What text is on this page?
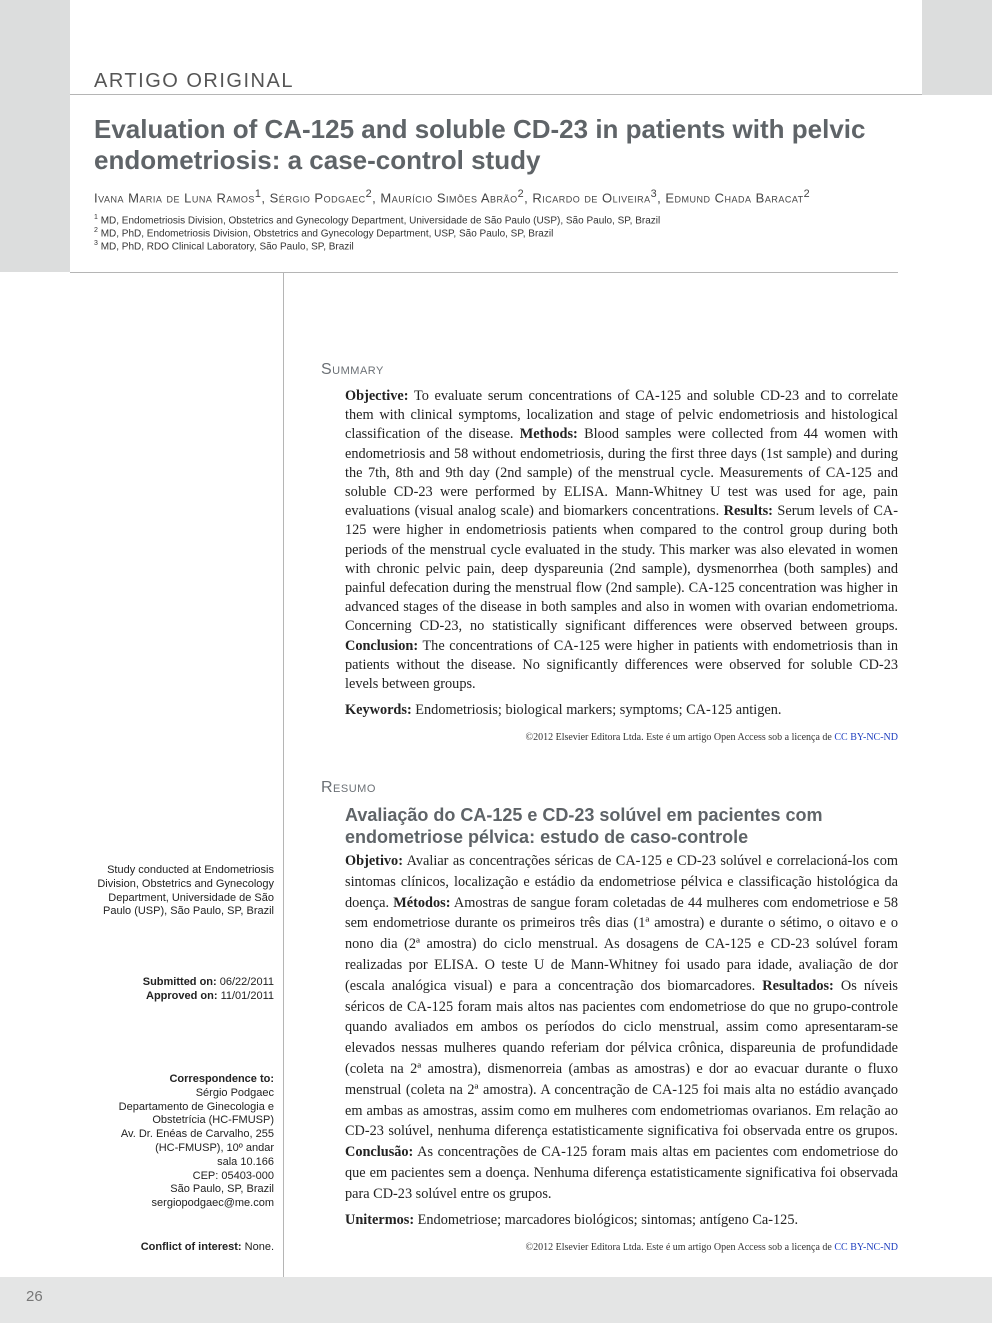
ARTIGO ORIGINAL
Evaluation of CA-125 and soluble CD-23 in patients with pelvic endometriosis: a case-control study
Ivana Maria de Luna Ramos$^1$, Sérgio Podgaec$^2$, Maurício Simões Abrão$^2$, Ricardo de Oliveira$^3$, Edmund Chada Baracat$^2$
$^1$ MD, Endometriosis Division, Obstetrics and Gynecology Department, Universidade de São Paulo (USP), São Paulo, SP, Brazil
$^2$ MD, PhD, Endometriosis Division, Obstetrics and Gynecology Department, USP, São Paulo, SP, Brazil
$^3$ MD, PhD, RDO Clinical Laboratory, São Paulo, SP, Brazil
Summary
Objective: To evaluate serum concentrations of CA-125 and soluble CD-23 and to correlate them with clinical symptoms, localization and stage of pelvic endometriosis and histological classification of the disease. Methods: Blood samples were collected from 44 women with endometriosis and 58 without endometriosis, during the first three days (1st sample) and during the 7th, 8th and 9th day (2nd sample) of the menstrual cycle. Measurements of CA-125 and soluble CD-23 were performed by ELISA. Mann-Whitney U test was used for age, pain evaluations (visual analog scale) and biomarkers concentrations. Results: Serum levels of CA-125 were higher in endometriosis patients when compared to the control group during both periods of the menstrual cycle evaluated in the study. This marker was also elevated in women with chronic pelvic pain, deep dyspareunia (2nd sample), dysmenorrhea (both samples) and painful defecation during the menstrual flow (2nd sample). CA-125 concentration was higher in advanced stages of the disease in both samples and also in women with ovarian endometrioma. Concerning CD-23, no statistically significant differences were observed between groups. Conclusion: The concentrations of CA-125 were higher in patients with endometriosis than in patients without the disease. No significantly differences were observed for soluble CD-23 levels between groups.
Keywords: Endometriosis; biological markers; symptoms; CA-125 antigen.
©2012 Elsevier Editora Ltda. Este é um artigo Open Access sob a licença de CC BY-NC-ND
Resumo
Avaliação do CA-125 e CD-23 solúvel em pacientes com endometriose pélvica: estudo de caso-controle
Objetivo: Avaliar as concentrações séricas de CA-125 e CD-23 solúvel e correlacioná-los com sintomas clínicos, localização e estádio da endometriose pélvica e classificação histológica da doença. Métodos: Amostras de sangue foram coletadas de 44 mulheres com endometriose e 58 sem endometriose durante os primeiros três dias (1ª amostra) e durante o sétimo, o oitavo e o nono dia (2ª amostra) do ciclo menstrual. As dosagens de CA-125 e CD-23 solúvel foram realizadas por ELISA. O teste U de Mann-Whitney foi usado para idade, avaliação de dor (escala analógica visual) e para a concentração dos biomarcadores. Resultados: Os níveis séricos de CA-125 foram mais altos nas pacientes com endometriose do que no grupo-controle quando avaliados em ambos os períodos do ciclo menstrual, assim como apresentaram-se elevados nessas mulheres quando referiam dor pélvica crônica, dispareunia de profundidade (coleta na 2ª amostra), dismenorreia (ambas as amostras) e dor ao evacuar durante o fluxo menstrual (coleta na 2ª amostra). A concentração de CA-125 foi mais alta no estádio avançado em ambas as amostras, assim como em mulheres com endometriomas ovarianos. Em relação ao CD-23 solúvel, nenhuma diferença estatisticamente significativa foi observada entre os grupos. Conclusão: As concentrações de CA-125 foram mais altas em pacientes com endometriose do que em pacientes sem a doença. Nenhuma diferença estatisticamente significativa foi observada para CD-23 solúvel entre os grupos.
Unitermos: Endometriose; marcadores biológicos; sintomas; antígeno Ca-125.
©2012 Elsevier Editora Ltda. Este é um artigo Open Access sob a licença de CC BY-NC-ND
Study conducted at Endometriosis Division, Obstetrics and Gynecology Department, Universidade de São Paulo (USP), São Paulo, SP, Brazil
Submitted on: 06/22/2011
Approved on: 11/01/2011
Correspondence to:
Sérgio Podgaec
Departamento de Ginecologia e
Obstetrícia (HC-FMUSP)
Av. Dr. Enéas de Carvalho, 255
(HC-FMUSP), 10º andar
sala 10.166
CEP: 05403-000
São Paulo, SP, Brazil
sergiopodgaec@me.com
Conflict of interest: None.
26
